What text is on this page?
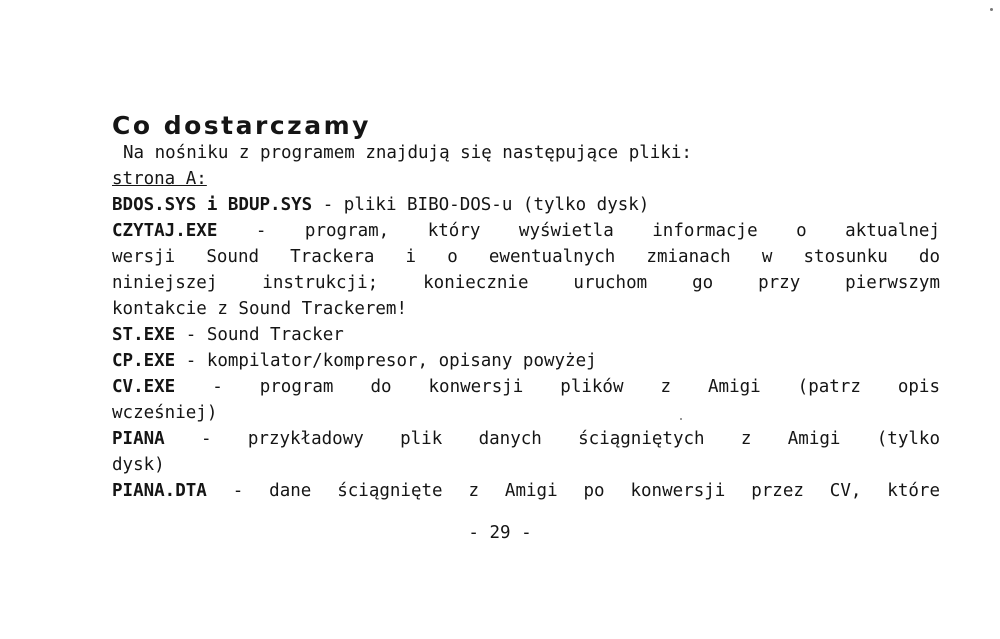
Co dostarczamy
Na nośniku z programem znajdują się następujące pliki:
strona A:
BDOS.SYS i BDUP.SYS - pliki BIBO-DOS-u (tylko dysk)
CZYTAJ.EXE - program, który wyświetla informacje o aktualnej
wersji Sound Trackera i o ewentualnych zmianach w stosunku do
niniejszej instrukcji; koniecznie uruchom go przy pierwszym
kontakcie z Sound Trackerem!
ST.EXE - Sound Tracker
CP.EXE - kompilator/kompresor, opisany powyżej
CV.EXE - program do konwersji plików z Amigi (patrz opis
wcześniej)
PIANA - przykładowy plik danych ściągniętych z Amigi (tylko
dysk)
PIANA.DTA - dane ściągnięte z Amigi po konwersji przez CV, które
- 29 -
